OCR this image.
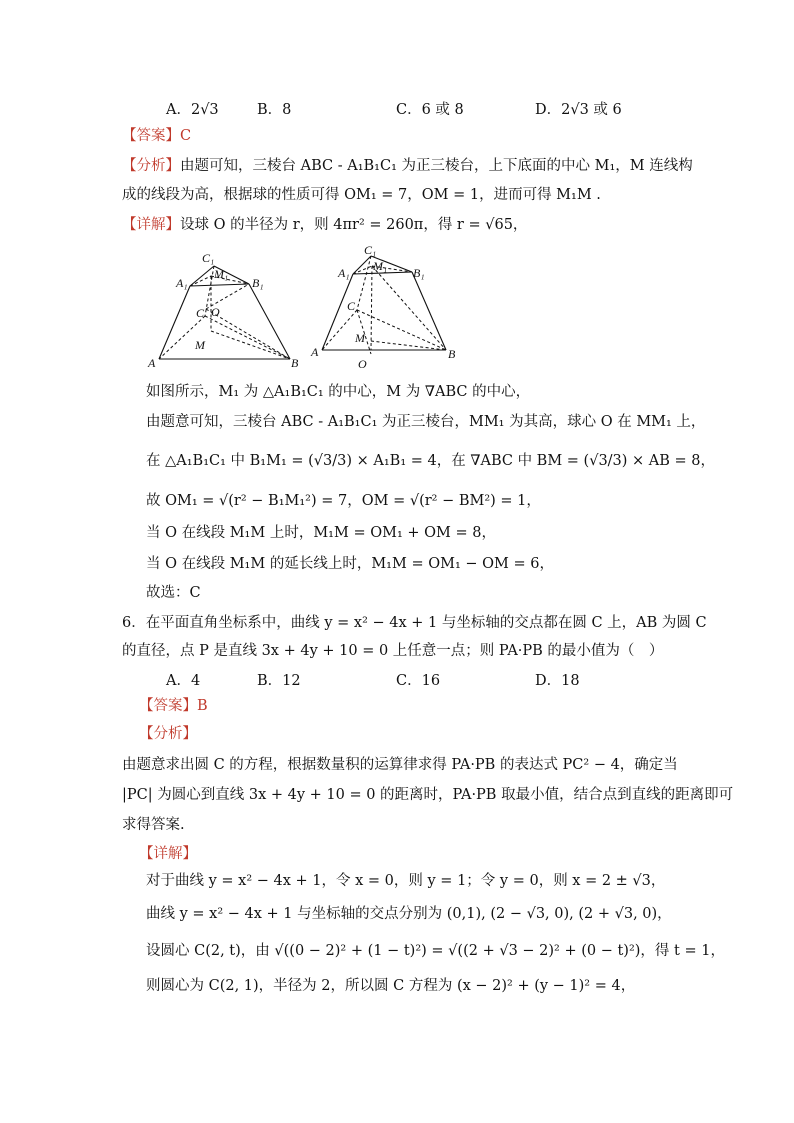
A．2√3	B．8	C．6 或 8	D．2√3 或 6
【答案】C
【分析】由题可知，三棱台 ABC - A₁B₁C₁ 为正三棱台，上下底面的中心 M₁，M 连线构
成的线段为高，根据球的性质可得 OM₁ = 7，OM = 1，进而可得 M₁M .
【详解】设球 O 的半径为 r，则 4πr² = 260π，得 r = √65，
C₁
M₁
A₁	B₁
C O
M
A	B
C₁
M₁
A₁	B₁
C
M
A	B
O
如图所示，M₁ 为 △A₁B₁C₁ 的中心，M 为 ∇ABC 的中心，
由题意可知，三棱台 ABC - A₁B₁C₁ 为正三棱台，MM₁ 为其高，球心 O 在 MM₁ 上，
在 △A₁B₁C₁ 中 B₁M₁ = (√3/3) × A₁B₁ = 4，在 ∇ABC 中 BM = (√3/3) × AB = 8，
故 OM₁ = √(r² − B₁M₁²) = 7，OM = √(r² − BM²) = 1，
当 O 在线段 M₁M 上时，M₁M = OM₁ + OM = 8，
当 O 在线段 M₁M 的延长线上时，M₁M = OM₁ − OM = 6，
故选：C
6．在平面直角坐标系中，曲线 y = x² − 4x + 1 与坐标轴的交点都在圆 C 上，AB 为圆 C
的直径，点 P 是直线 3x + 4y + 10 = 0 上任意一点；则 PA·PB 的最小值为（　）
A．4	B．12	C．16	D．18
【答案】B
【分析】
由题意求出圆 C 的方程，根据数量积的运算律求得 PA·PB 的表达式 PC² − 4，确定当
|PC| 为圆心到直线 3x + 4y + 10 = 0 的距离时，PA·PB 取最小值，结合点到直线的距离即可
求得答案.
【详解】
对于曲线 y = x² − 4x + 1，令 x = 0，则 y = 1；令 y = 0，则 x = 2 ± √3，
曲线 y = x² − 4x + 1 与坐标轴的交点分别为 (0,1), (2 − √3, 0), (2 + √3, 0)，
设圆心 C(2, t)，由 √((0 − 2)² + (1 − t)²) = √((2 + √3 − 2)² + (0 − t)²)，得 t = 1，
则圆心为 C(2, 1)，半径为 2，所以圆 C 方程为 (x − 2)² + (y − 1)² = 4，
